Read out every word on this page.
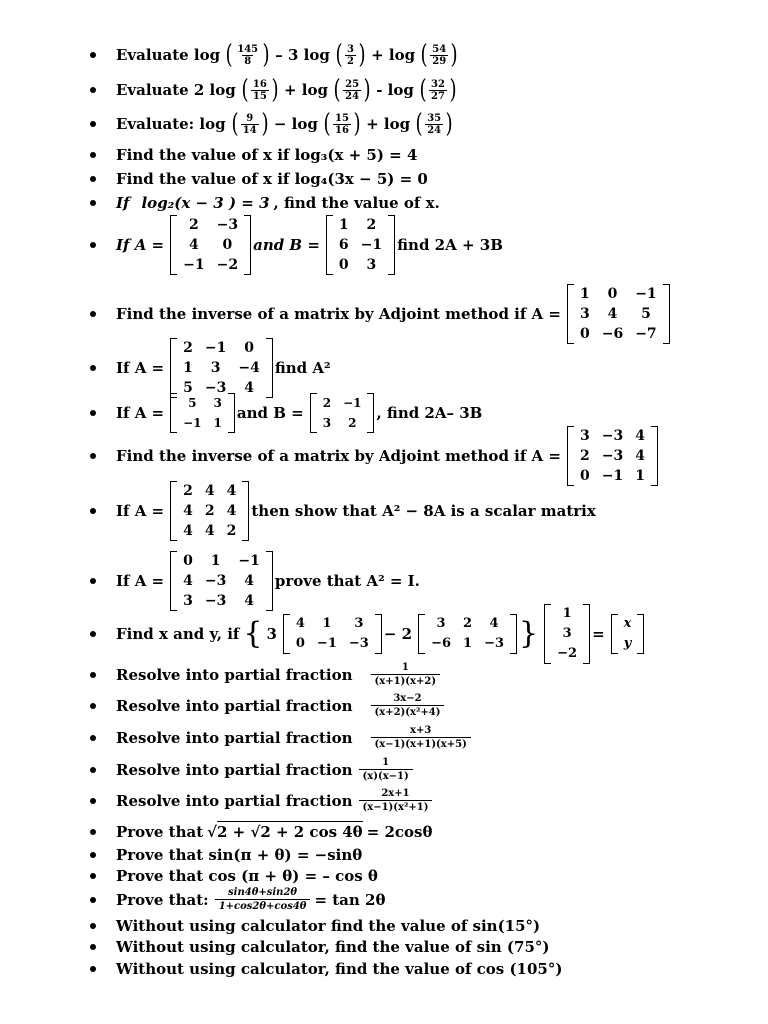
Evaluate log ( $\frac{145}{8}$ ) – 3 log ( $\frac{3}{2}$ ) + log ( $\frac{54}{29}$ )
Evaluate 2 log ( $\frac{16}{15}$ ) + log ( $\frac{25}{24}$ ) - log ( $\frac{32}{27}$ )
Evaluate: log ( $\frac{9}{14}$ ) − log ( $\frac{15}{16}$ ) + log ( $\frac{35}{24}$ )
Find the value of x if log₃(x + 5) = 4
Find the value of x if log₄(3x − 5) = 0
If log₂(x − 3 ) = 3 , find the value of x.
If A =
2	−3
4	0
−1	−2
and B =
1	2
6	−1
0	3
find 2A + 3B
Find the inverse of a matrix by Adjoint method if A =
1	0	−1
3	4	5
0	−6	−7
If A =
2	−1	0
1	3	−4
5	−3	4
find A²
If A =
5	3
−1	1
and B =
2	−1
3	2
, find 2A– 3B
Find the inverse of a matrix by Adjoint method if A =
3	−3	4
2	−3	4
0	−1	1
If A =
2	4	4
4	2	4
4	4	2
then show that A² − 8A is a scalar matrix
If A =
0	1	−1
4	−3	4
3	−3	4
prove that A² = I.
Find x and y, if { 3
4	1	3
0	−1	−3
− 2
3	2	4
−6	1	−3 }
1
3
−2
=
x
y
Resolve into partial fraction $\frac{1}{(x+1)(x+2)}$
Resolve into partial fraction $\frac{3x-2}{\text{(x+2)(x²+4)}}$
Resolve into partial fraction $\frac{x+3}{(x-1)(x+1)(x+5)}$
Resolve into partial fraction $\frac{1}{(x)(x-1)}$
Resolve into partial fraction $\frac{2x+1}{\text{(x−1)(x²+1)}}$
Prove that √2 + √2 + 2 cos 4θ = 2cosθ
Prove that sin(π + θ) = −sinθ
Prove that cos (π + θ) = – cos θ
Prove that: $\frac{\sin 4\theta+\sin 2\theta}{1+\cos 2\theta+\cos 4\theta} = \tan 2\theta$
Without using calculator find the value of sin(15°)
Without using calculator, find the value of sin (75°)
Without using calculator, find the value of cos (105°)
